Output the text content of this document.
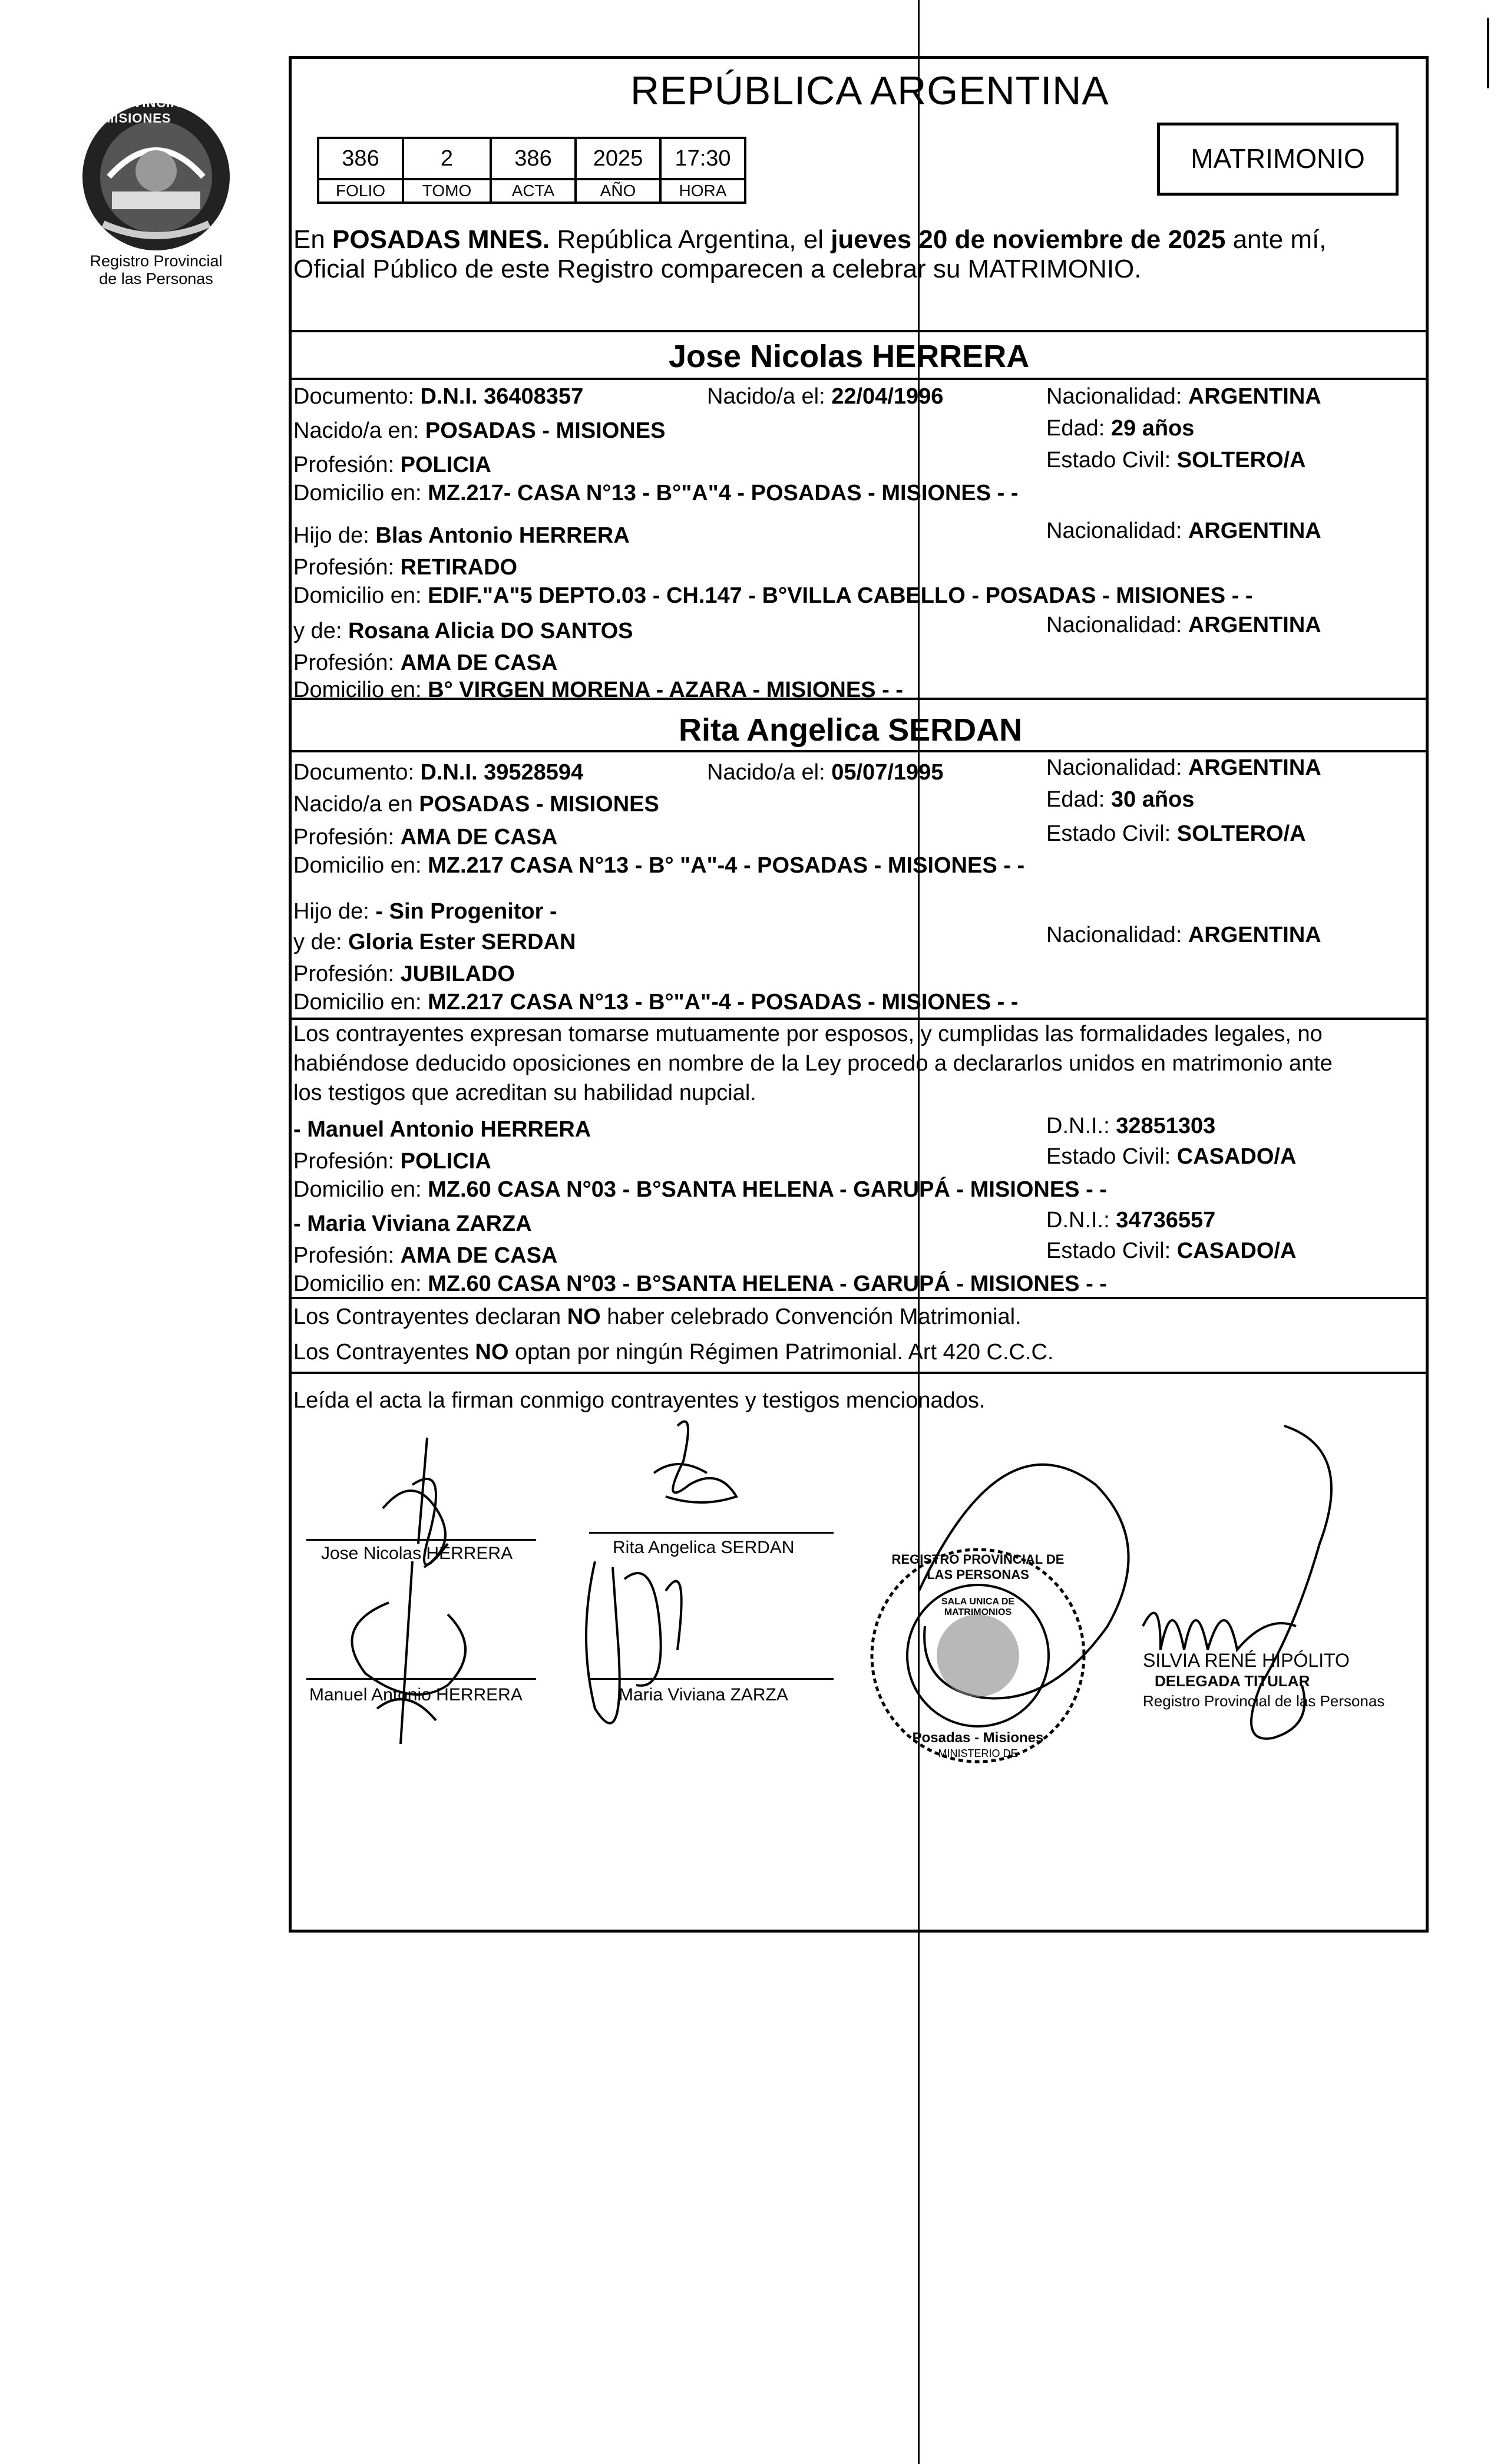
PROVINCIA DE MISIONES
Registro Provincial
de las Personas
REPÚBLICA ARGENTINA
386	2	386	2025	17:30
FOLIO	TOMO	ACTA	AÑO	HORA
MATRIMONIO
En POSADAS MNES. República Argentina, el jueves 20 de noviembre de 2025 ante mí,
Oficial Público de este Registro comparecen a celebrar su MATRIMONIO.
Jose Nicolas HERRERA
Documento: D.N.I. 36408357	Nacido/a el: 22/04/1996	Nacionalidad: ARGENTINA
Nacido/a en: POSADAS - MISIONES	Edad: 29 años
Profesión: POLICIA	Estado Civil: SOLTERO/A
Domicilio en: MZ.217- CASA N°13 - B°"A"4 - POSADAS - MISIONES - -
Hijo de: Blas Antonio HERRERA	Nacionalidad: ARGENTINA
Profesión: RETIRADO
Domicilio en: EDIF."A"5 DEPTO.03 - CH.147 - B°VILLA CABELLO - POSADAS - MISIONES - -
y de: Rosana Alicia DO SANTOS	Nacionalidad: ARGENTINA
Profesión: AMA DE CASA
Domicilio en: B° VIRGEN MORENA - AZARA - MISIONES - -
Rita Angelica SERDAN
Documento: D.N.I. 39528594	Nacido/a el: 05/07/1995	Nacionalidad: ARGENTINA
Nacido/a en POSADAS - MISIONES	Edad: 30 años
Profesión: AMA DE CASA	Estado Civil: SOLTERO/A
Domicilio en: MZ.217 CASA N°13 - B° "A"-4 - POSADAS - MISIONES - -
Hijo de: - Sin Progenitor -
y de: Gloria Ester SERDAN	Nacionalidad: ARGENTINA
Profesión: JUBILADO
Domicilio en: MZ.217 CASA N°13 - B°"A"-4 - POSADAS - MISIONES - -
Los contrayentes expresan tomarse mutuamente por esposos, y cumplidas las formalidades legales, no
habiéndose deducido oposiciones en nombre de la Ley procedo a declararlos unidos en matrimonio ante
los testigos que acreditan su habilidad nupcial.
- Manuel Antonio HERRERA	D.N.I.: 32851303
Profesión: POLICIA	Estado Civil: CASADO/A
Domicilio en: MZ.60 CASA N°03 - B°SANTA HELENA - GARUPÁ - MISIONES - -
- Maria Viviana ZARZA	D.N.I.: 34736557
Profesión: AMA DE CASA	Estado Civil: CASADO/A
Domicilio en: MZ.60 CASA N°03 - B°SANTA HELENA - GARUPÁ - MISIONES - -
Los Contrayentes declaran NO haber celebrado Convención Matrimonial.
Los Contrayentes NO optan por ningún Régimen Patrimonial. Art 420 C.C.C.
Leída el acta la firman conmigo contrayentes y testigos mencionados.
Jose Nicolas HERRERA	Rita Angelica SERDAN
Manuel Antonio HERRERA	Maria Viviana ZARZA
REGISTRO PROVINCIAL DE LAS PERSONAS
SALA UNICA DE MATRIMONIOS
Posadas - Misiones
MINISTERIO DE
SILVIA RENÉ HIPÓLITO
DELEGADA TITULAR
Registro Provincial de las Personas
